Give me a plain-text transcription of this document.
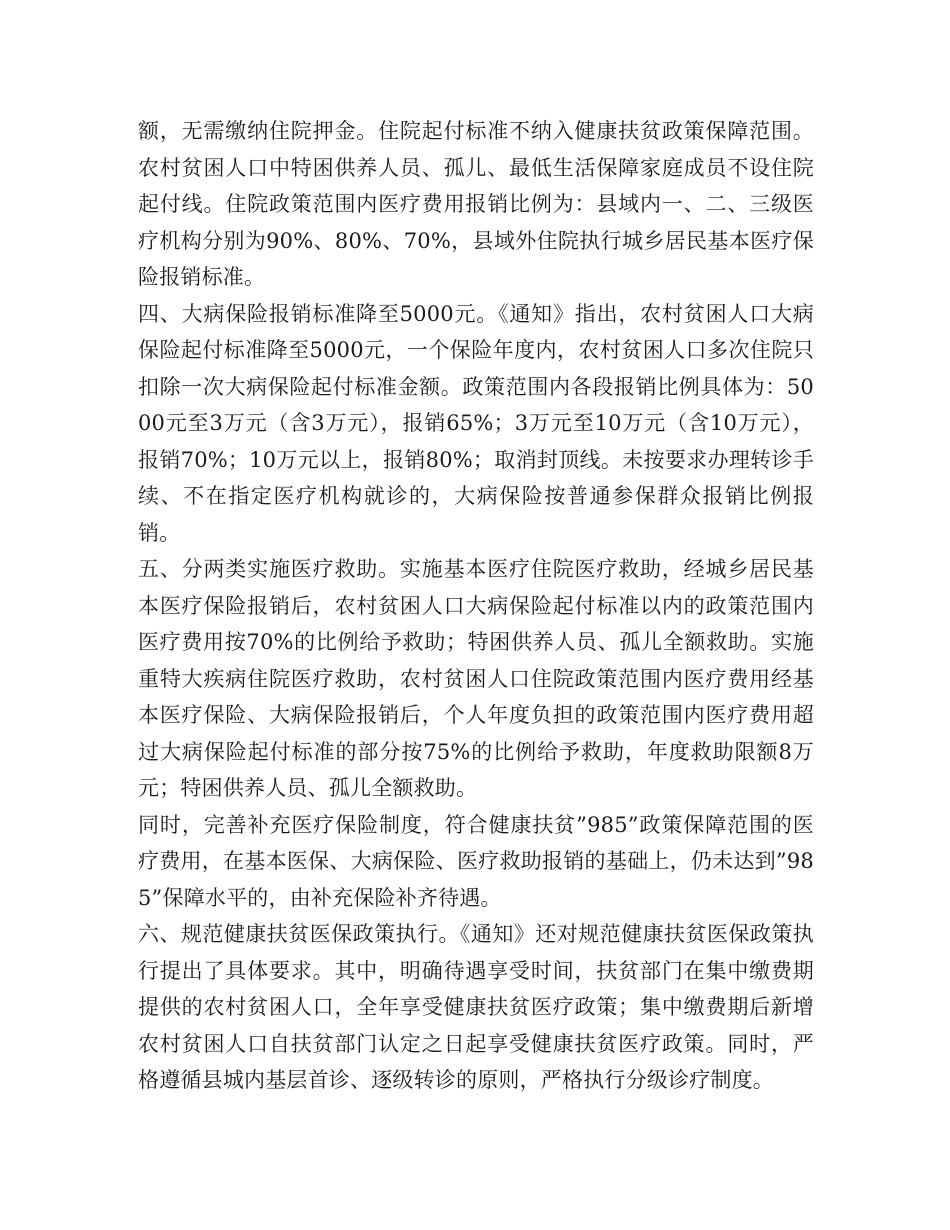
额，无需缴纳住院押金。住院起付标准不纳入健康扶贫政策保障范围。农村贫困人口中特困供养人员、孤儿、最低生活保障家庭成员不设住院起付线。住院政策范围内医疗费用报销比例为：县域内一、二、三级医疗机构分别为90%、80%、70%，县域外住院执行城乡居民基本医疗保险报销标准。

四、大病保险报销标准降至5000元。《通知》指出，农村贫困人口大病保险起付标准降至5000元，一个保险年度内，农村贫困人口多次住院只扣除一次大病保险起付标准金额。政策范围内各段报销比例具体为：5000元至3万元（含3万元），报销65%；3万元至10万元（含10万元），报销70%；10万元以上，报销80%；取消封顶线。未按要求办理转诊手续、不在指定医疗机构就诊的，大病保险按普通参保群众报销比例报销。

五、分两类实施医疗救助。实施基本医疗住院医疗救助，经城乡居民基本医疗保险报销后，农村贫困人口大病保险起付标准以内的政策范围内医疗费用按70%的比例给予救助；特困供养人员、孤儿全额救助。实施重特大疾病住院医疗救助，农村贫困人口住院政策范围内医疗费用经基本医疗保险、大病保险报销后，个人年度负担的政策范围内医疗费用超过大病保险起付标准的部分按75%的比例给予救助，年度救助限额8万元；特困供养人员、孤儿全额救助。

同时，完善补充医疗保险制度，符合健康扶贫”985”政策保障范围的医疗费用，在基本医保、大病保险、医疗救助报销的基础上，仍未达到”985”保障水平的，由补充保险补齐待遇。

六、规范健康扶贫医保政策执行。《通知》还对规范健康扶贫医保政策执行提出了具体要求。其中，明确待遇享受时间，扶贫部门在集中缴费期提供的农村贫困人口，全年享受健康扶贫医疗政策；集中缴费期后新增农村贫困人口自扶贫部门认定之日起享受健康扶贫医疗政策。同时，严格遵循县城内基层首诊、逐级转诊的原则，严格执行分级诊疗制度。
